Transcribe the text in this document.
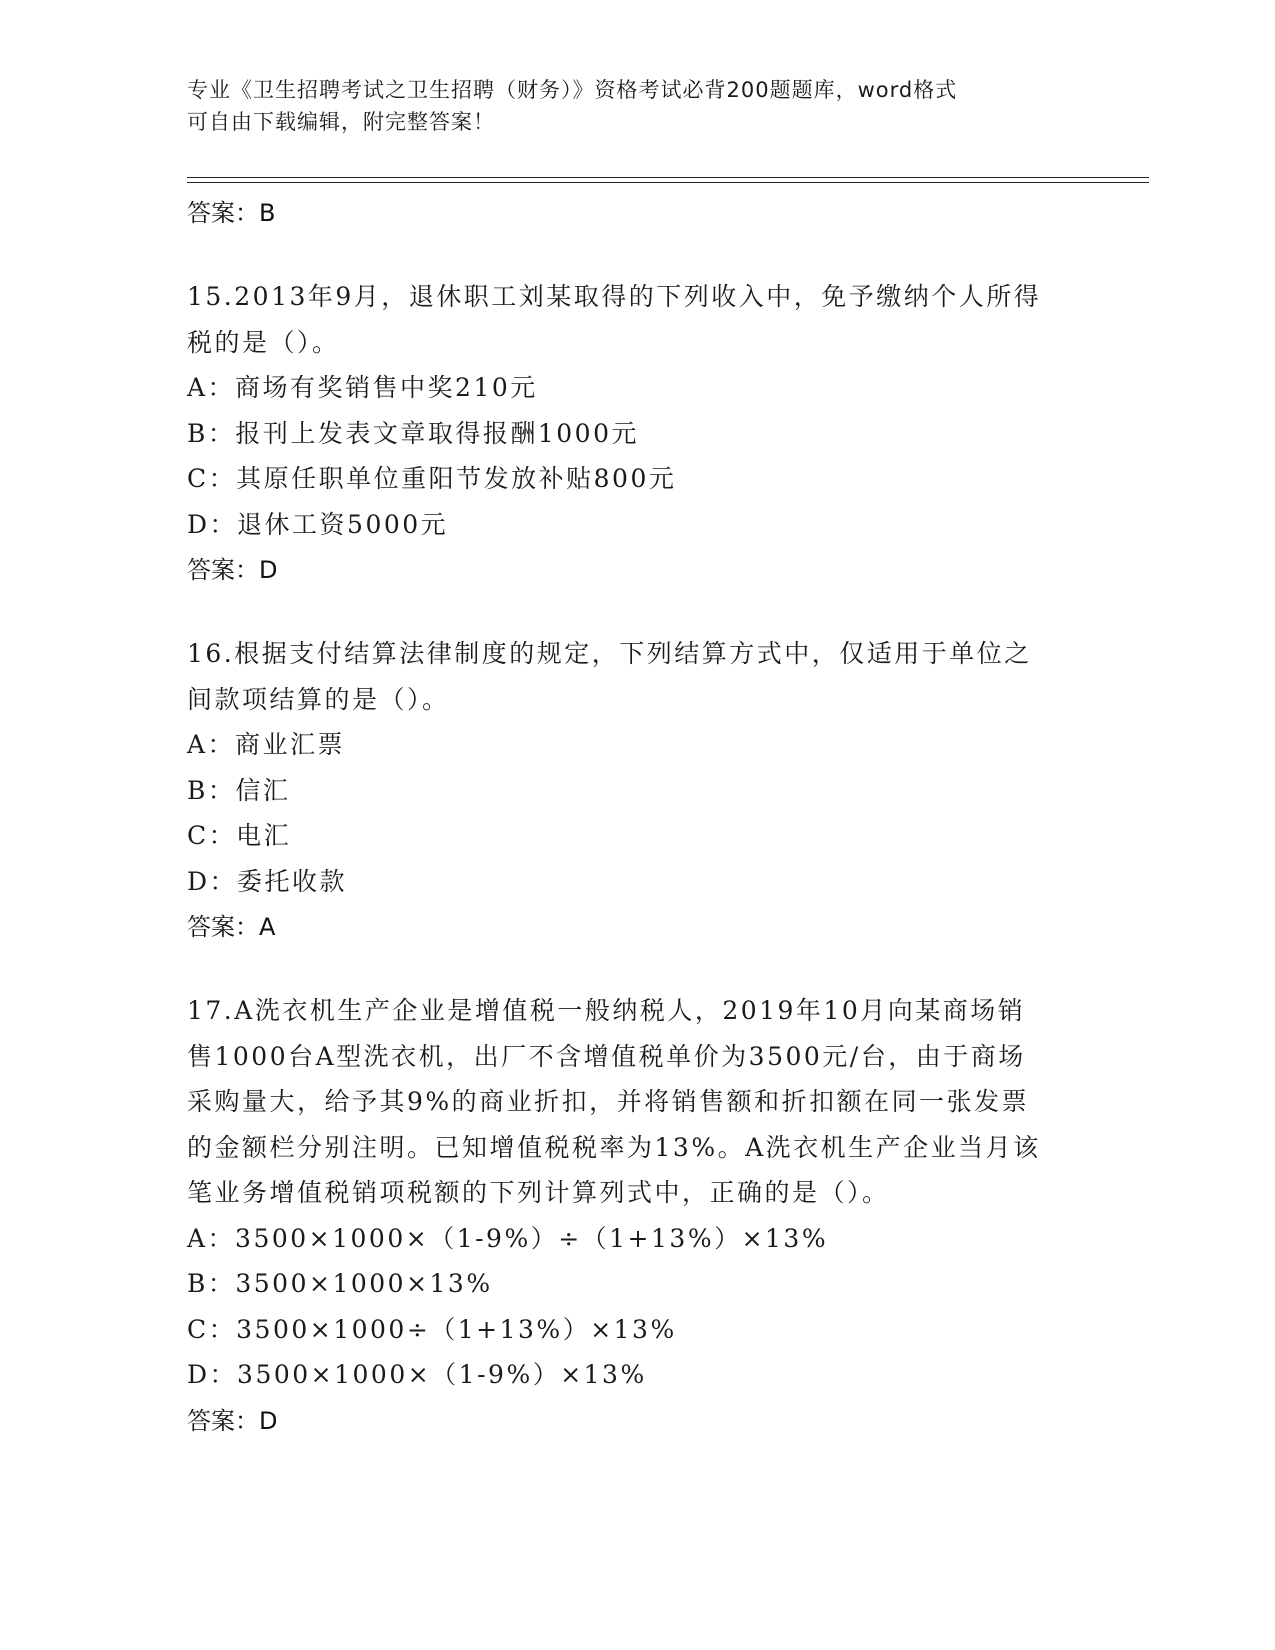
专业《卫生招聘考试之卫生招聘（财务）》资格考试必背200题题库，word格式
可自由下载编辑，附完整答案！
答案：B
15.2013年9月，退休职工刘某取得的下列收入中，免予缴纳个人所得
税的是（）。
A：商场有奖销售中奖210元
B：报刊上发表文章取得报酬1000元
C：其原任职单位重阳节发放补贴800元
D：退休工资5000元
答案：D
16.根据支付结算法律制度的规定，下列结算方式中，仅适用于单位之
间款项结算的是（）。
A：商业汇票
B：信汇
C：电汇
D：委托收款
答案：A
17.A洗衣机生产企业是增值税一般纳税人，2019年10月向某商场销
售1000台A型洗衣机，出厂不含增值税单价为3500元/台，由于商场
采购量大，给予其9%的商业折扣，并将销售额和折扣额在同一张发票
的金额栏分别注明。已知增值税税率为13%。A洗衣机生产企业当月该
笔业务增值税销项税额的下列计算列式中，正确的是（）。
A：3500×1000×（1-9%）÷（1+13%）×13%
B：3500×1000×13%
C：3500×1000÷（1+13%）×13%
D：3500×1000×（1-9%）×13%
答案：D
